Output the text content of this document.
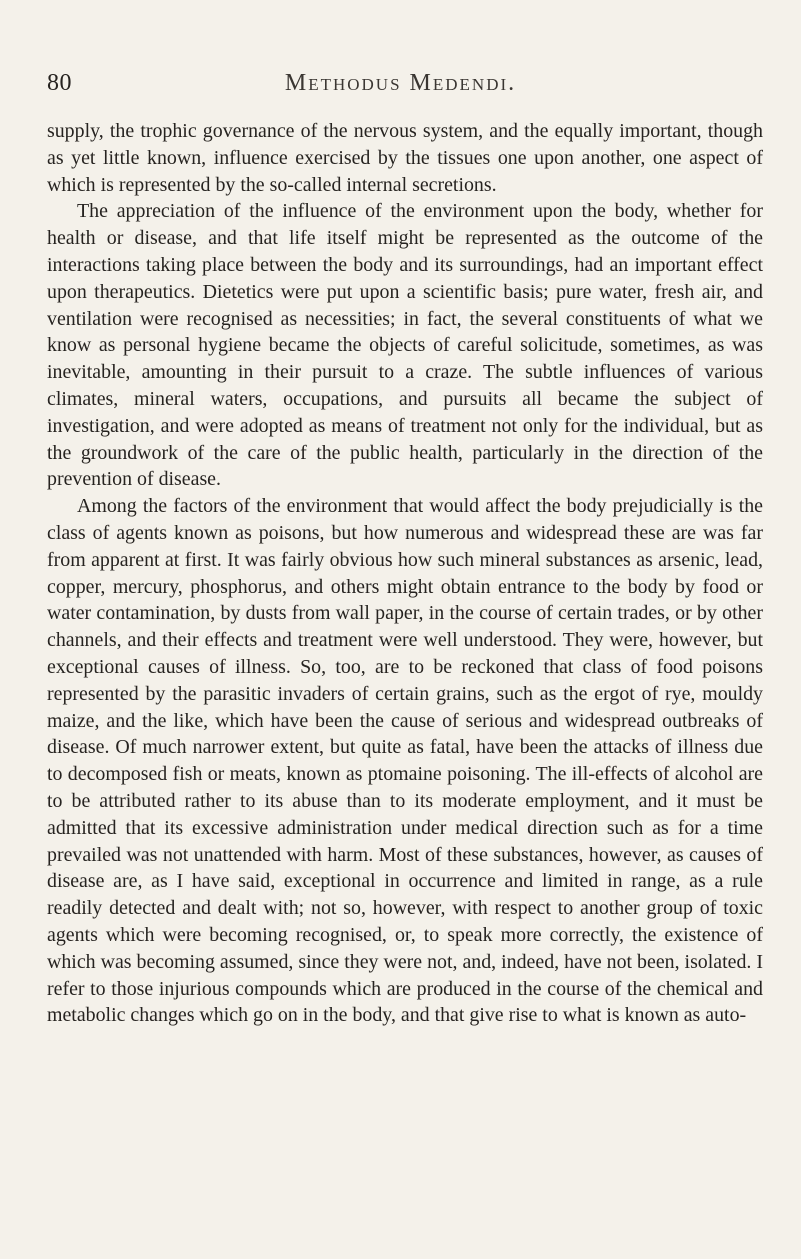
80	Methodus Medendi.

supply, the trophic governance of the nervous system, and the equally important, though as yet little known, influence exercised by the tissues one upon another, one aspect of which is represented by the so-called internal secretions.

The appreciation of the influence of the environment upon the body, whether for health or disease, and that life itself might be represented as the outcome of the interactions taking place between the body and its surroundings, had an important effect upon therapeutics. Dietetics were put upon a scientific basis; pure water, fresh air, and ventilation were recognised as necessities; in fact, the several constituents of what we know as personal hygiene became the objects of careful solicitude, sometimes, as was inevitable, amounting in their pursuit to a craze. The subtle influences of various climates, mineral waters, occupations, and pursuits all became the subject of investigation, and were adopted as means of treatment not only for the individual, but as the groundwork of the care of the public health, particularly in the direction of the prevention of disease.

Among the factors of the environment that would affect the body prejudicially is the class of agents known as poisons, but how numerous and widespread these are was far from apparent at first. It was fairly obvious how such mineral substances as arsenic, lead, copper, mercury, phosphorus, and others might obtain entrance to the body by food or water contamination, by dusts from wall paper, in the course of certain trades, or by other channels, and their effects and treatment were well understood. They were, however, but exceptional causes of illness. So, too, are to be reckoned that class of food poisons represented by the parasitic invaders of certain grains, such as the ergot of rye, mouldy maize, and the like, which have been the cause of serious and widespread outbreaks of disease. Of much narrower extent, but quite as fatal, have been the attacks of illness due to decomposed fish or meats, known as ptomaine poisoning. The ill-effects of alcohol are to be attributed rather to its abuse than to its moderate employment, and it must be admitted that its excessive administration under medical direction such as for a time prevailed was not unattended with harm. Most of these substances, however, as causes of disease are, as I have said, exceptional in occurrence and limited in range, as a rule readily detected and dealt with; not so, however, with respect to another group of toxic agents which were becoming recognised, or, to speak more correctly, the existence of which was becoming assumed, since they were not, and, indeed, have not been, isolated. I refer to those injurious compounds which are produced in the course of the chemical and metabolic changes which go on in the body, and that give rise to what is known as auto-
